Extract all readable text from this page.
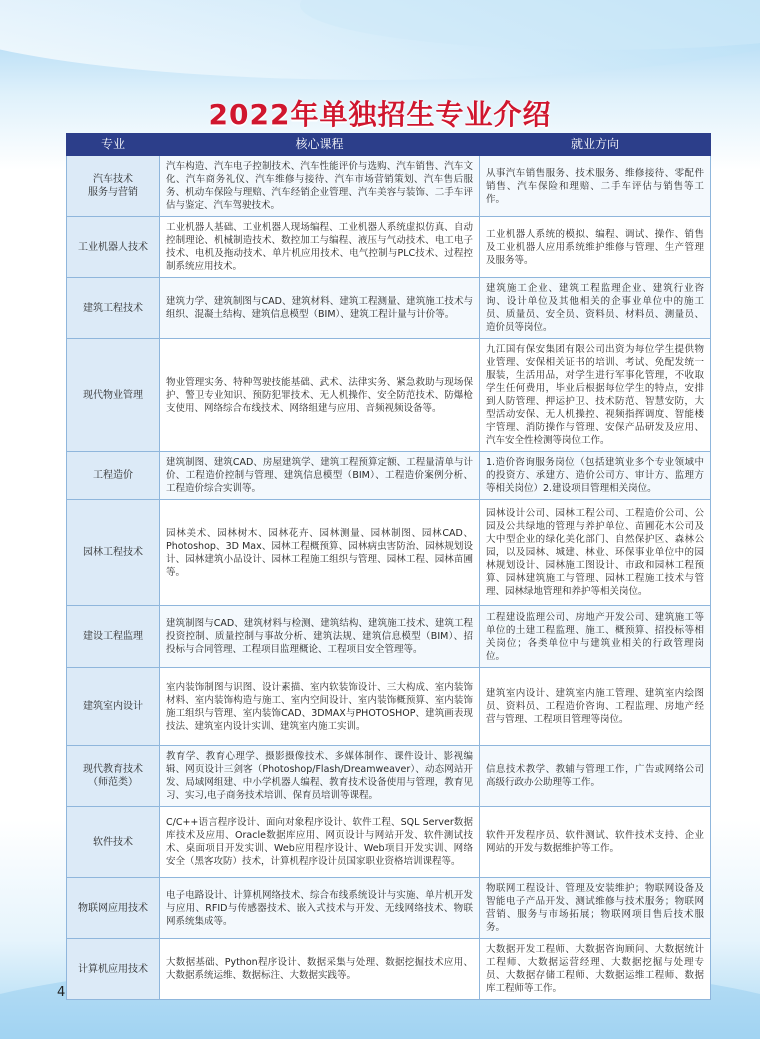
2022年单独招生专业介绍
专业	核心课程	就业方向

汽车技术
服务与营销	汽车构造、汽车电子控制技术、汽车性能评价与选购、汽车销售、汽车文化、汽车商务礼仪、汽车维修与接待、汽车市场营销策划、汽车售后服务、机动车保险与理赔、汽车经销企业管理、汽车美容与装饰、二手车评估与鉴定、汽车驾驶技术。	从事汽车销售服务、技术服务、维修接待、零配件销售、汽车保险和理赔、二手车评估与销售等工作。

工业机器人技术	工业机器人基础、工业机器人现场编程、工业机器人系统虚拟仿真、自动控制理论、机械制造技术、数控加工与编程、液压与气动技术、电工电子技术、电机及拖动技术、单片机应用技术、电气控制与PLC技术、过程控制系统应用技术。	工业机器人系统的模拟、编程、调试、操作、销售及工业机器人应用系统维护维修与管理、生产管理及服务等。

建筑工程技术	建筑力学、建筑制图与CAD、建筑材料、建筑工程测量、建筑施工技术与组织、混凝土结构、建筑信息模型（BIM）、建筑工程计量与计价等。	建筑施工企业、建筑工程监理企业、建筑行业咨询、设计单位及其他相关的企事业单位中的施工员、质量员、安全员、资料员、材料员、测量员、造价员等岗位。

现代物业管理	物业管理实务、特种驾驶技能基础、武术、法律实务、紧急救助与现场保护、警卫专业知识、预防犯罪技术、无人机操作、安全防范技术、防爆枪支使用、网络综合布线技术、网络组建与应用、音频视频设备等。	九江国有保安集团有限公司出资为每位学生提供物业管理、安保相关证书的培训、考试、免配发统一服装，生活用品，对学生进行军事化管理，不收取学生任何费用，毕业后根据每位学生的特点，安排到人防管理、押运护卫、技术防范、智慧安防，大型活动安保、无人机操控、视频指挥调度、智能楼宇管理、消防操作与管理、安保产品研发及应用、汽车安全性检测等岗位工作。

工程造价	建筑制图、建筑CAD、房屋建筑学、建筑工程预算定额、工程量清单与计价、工程造价控制与管理、建筑信息模型（BIM）、工程造价案例分析、工程造价综合实训等。	1.造价咨询服务岗位（包括建筑业多个专业领域中的投资方、承建方、造价公司方、审计方、监理方等相关岗位）2.建设项目管理相关岗位。

园林工程技术	园林美术、园林树木、园林花卉、园林测量、园林制图、园林CAD、Photoshop、3D Max、园林工程概预算、园林病虫害防治、园林规划设计、园林建筑小品设计、园林工程施工组织与管理、园林工程、园林苗圃等。	园林设计公司、园林工程公司、工程造价公司、公园及公共绿地的管理与养护单位、苗圃花木公司及大中型企业的绿化美化部门、自然保护区、森林公园，以及园林、城建、林业、环保事业单位中的园林规划设计、园林施工图设计、市政和园林工程预算、园林建筑施工与管理、园林工程施工技术与管理、园林绿地管理和养护等相关岗位。

建设工程监理	建筑制图与CAD、建筑材料与检测、建筑结构、建筑施工技术、建筑工程投资控制、质量控制与事故分析、建筑法规、建筑信息模型（BIM）、招投标与合同管理、工程项目监理概论、工程项目安全管理等。	工程建设监理公司、房地产开发公司、建筑施工等单位的土建工程监理、施工、概预算、招投标等相关岗位；各类单位中与建筑业相关的行政管理岗位。

建筑室内设计	室内装饰制图与识图、设计素描、室内软装饰设计、三大构成、室内装饰材料、室内装饰构造与施工、室内空间设计、室内装饰概预算、室内装饰施工组织与管理、室内装饰CAD、3DMAX与PHOTOSHOP、建筑画表现技法、建筑室内设计实训、建筑室内施工实训。	建筑室内设计、建筑室内施工管理、建筑室内绘图员、资料员、工程造价咨询、工程监理、房地产经营与管理、工程项目管理等岗位。

现代教育技术
（师范类）	教育学、教育心理学、摄影摄像技术、多媒体制作、课件设计、影视编辑、网页设计三剑客（Photoshop/Flash/Dreamweaver）、动态网站开发、局域网组建、中小学机器人编程、教育技术设备使用与管理，教育见习、实习,电子商务技术培训、保育员培训等课程。	信息技术教学、教辅与管理工作，广告或网络公司高级行政办公助理等工作。

软件技术	C/C++语言程序设计、面向对象程序设计、软件工程、SQL Server数据库技术及应用、Oracle数据库应用、网页设计与网站开发、软件测试技术、桌面项目开发实训、Web应用程序设计、Web项目开发实训、网络安全（黑客攻防）技术，计算机程序设计员国家职业资格培训课程等。	软件开发程序员、软件测试、软件技术支持、企业网站的开发与数据维护等工作。

物联网应用技术	电子电路设计、计算机网络技术、综合布线系统设计与实施、单片机开发与应用、RFID与传感器技术、嵌入式技术与开发、无线网络技术、物联网系统集成等。	物联网工程设计、管理及安装维护；物联网设备及智能电子产品开发、测试维修与技术服务；物联网营销、服务与市场拓展；物联网项目售后技术服务。

计算机应用技术	大数据基础、Python程序设计、数据采集与处理、数据挖掘技术应用、大数据系统运维、数据标注、大数据实践等。	大数据开发工程师、大数据咨询顾问、大数据统计工程师、大数据运营经理、大数据挖掘与处理专员、大数据存储工程师、大数据运维工程师、数据库工程师等工作。
4
